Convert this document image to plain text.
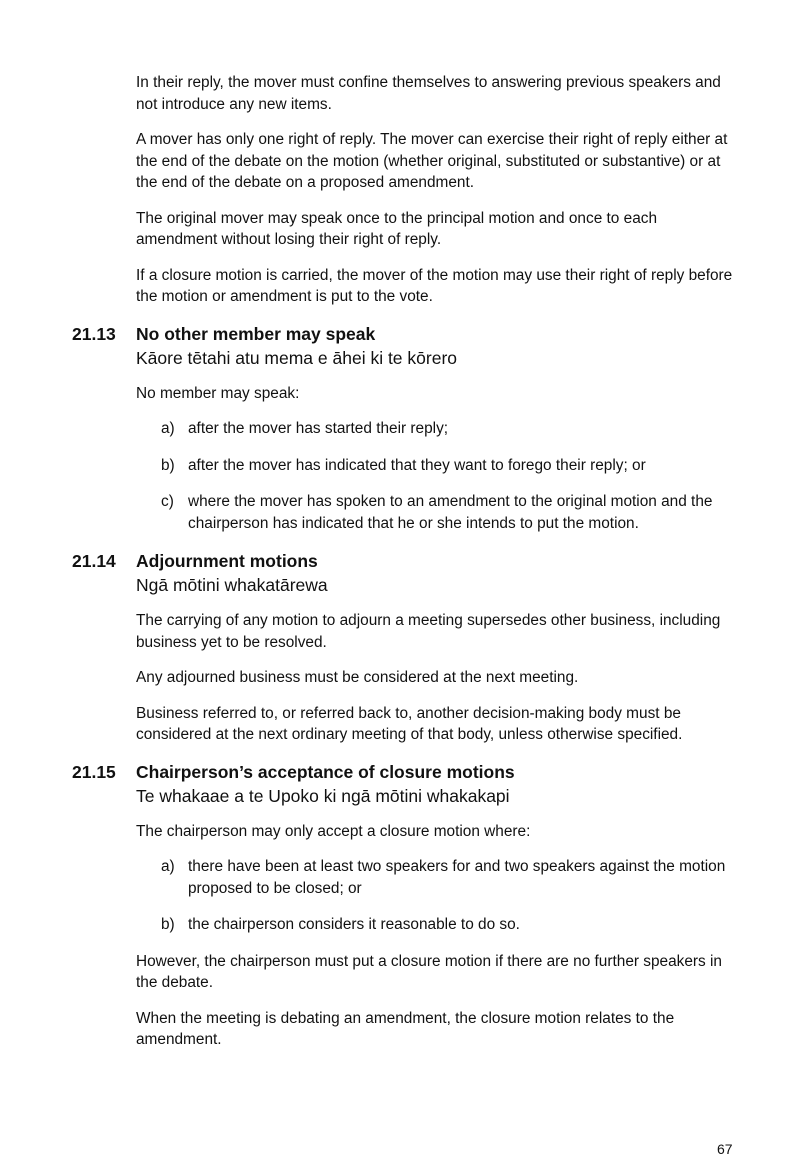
In their reply, the mover must confine themselves to answering previous speakers and not introduce any new items.

A mover has only one right of reply. The mover can exercise their right of reply either at the end of the debate on the motion (whether original, substituted or substantive) or at the end of the debate on a proposed amendment.

The original mover may speak once to the principal motion and once to each amendment without losing their right of reply.

If a closure motion is carried, the mover of the motion may use their right of reply before the motion or amendment is put to the vote.

21.13 No other member may speak
Kāore tētahi atu mema e āhei ki te kōrero

No member may speak:

a) after the mover has started their reply;
b) after the mover has indicated that they want to forego their reply; or
c) where the mover has spoken to an amendment to the original motion and the chairperson has indicated that he or she intends to put the motion.
21.14 Adjournment motions
Ngā mōtini whakatārewa

The carrying of any motion to adjourn a meeting supersedes other business, including business yet to be resolved.

Any adjourned business must be considered at the next meeting.

Business referred to, or referred back to, another decision-making body must be considered at the next ordinary meeting of that body, unless otherwise specified.

21.15 Chairperson’s acceptance of closure motions
Te whakaae a te Upoko ki ngā mōtini whakakapi

The chairperson may only accept a closure motion where:

a) there have been at least two speakers for and two speakers against the motion proposed to be closed; or
b) the chairperson considers it reasonable to do so.

However, the chairperson must put a closure motion if there are no further speakers in the debate.

When the meeting is debating an amendment, the closure motion relates to the amendment.

67
